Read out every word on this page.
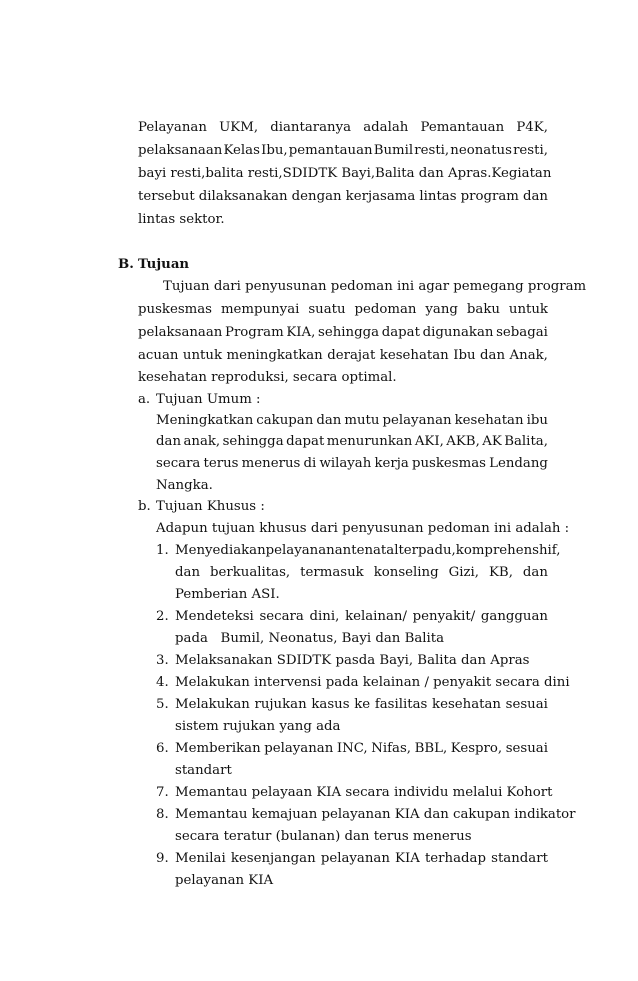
Pelayanan UKM, diantaranya adalah Pemantauan P4K,
pelaksanaan Kelas Ibu, pemantauan Bumil resti, neonatus resti,
bayi resti, balita resti, SDIDTK Bayi, Balita dan Apras. Kegiatan
tersebut dilaksanakan dengan kerjasama lintas program dan
lintas sektor.
B. Tujuan
Tujuan dari penyusunan pedoman ini agar pemegang program
puskesmas mempunyai suatu pedoman yang baku untuk
pelaksanaan Program KIA, sehingga dapat digunakan sebagai
acuan untuk meningkatkan derajat kesehatan Ibu dan Anak,
kesehatan reproduksi, secara optimal.
a. Tujuan Umum :
Meningkatkan cakupan dan mutu pelayanan kesehatan ibu
dan anak, sehingga dapat menurunkan AKI, AKB, AK Balita,
secara terus menerus di wilayah kerja puskesmas Lendang
Nangka.
b. Tujuan Khusus :
Adapun tujuan khusus dari penyusunan pedoman ini adalah :
1. Menyediakan pelayanan antenatal terpadu, komprehenshif,
dan berkualitas, termasuk konseling Gizi, KB, dan
Pemberian ASI.
2. Mendeteksi secara dini, kelainan/ penyakit/ gangguan
pada   Bumil, Neonatus, Bayi dan Balita
3. Melaksanakan SDIDTK pasda Bayi, Balita dan Apras
4. Melakukan intervensi pada kelainan / penyakit secara dini
5. Melakukan rujukan kasus ke fasilitas kesehatan sesuai
sistem rujukan yang ada
6. Memberikan pelayanan INC, Nifas, BBL, Kespro, sesuai
standart
7. Memantau pelayaan KIA secara individu melalui Kohort
8. Memantau kemajuan pelayanan KIA dan cakupan indikator
secara teratur (bulanan) dan terus menerus
9. Menilai kesenjangan pelayanan KIA terhadap standart
pelayanan KIA
